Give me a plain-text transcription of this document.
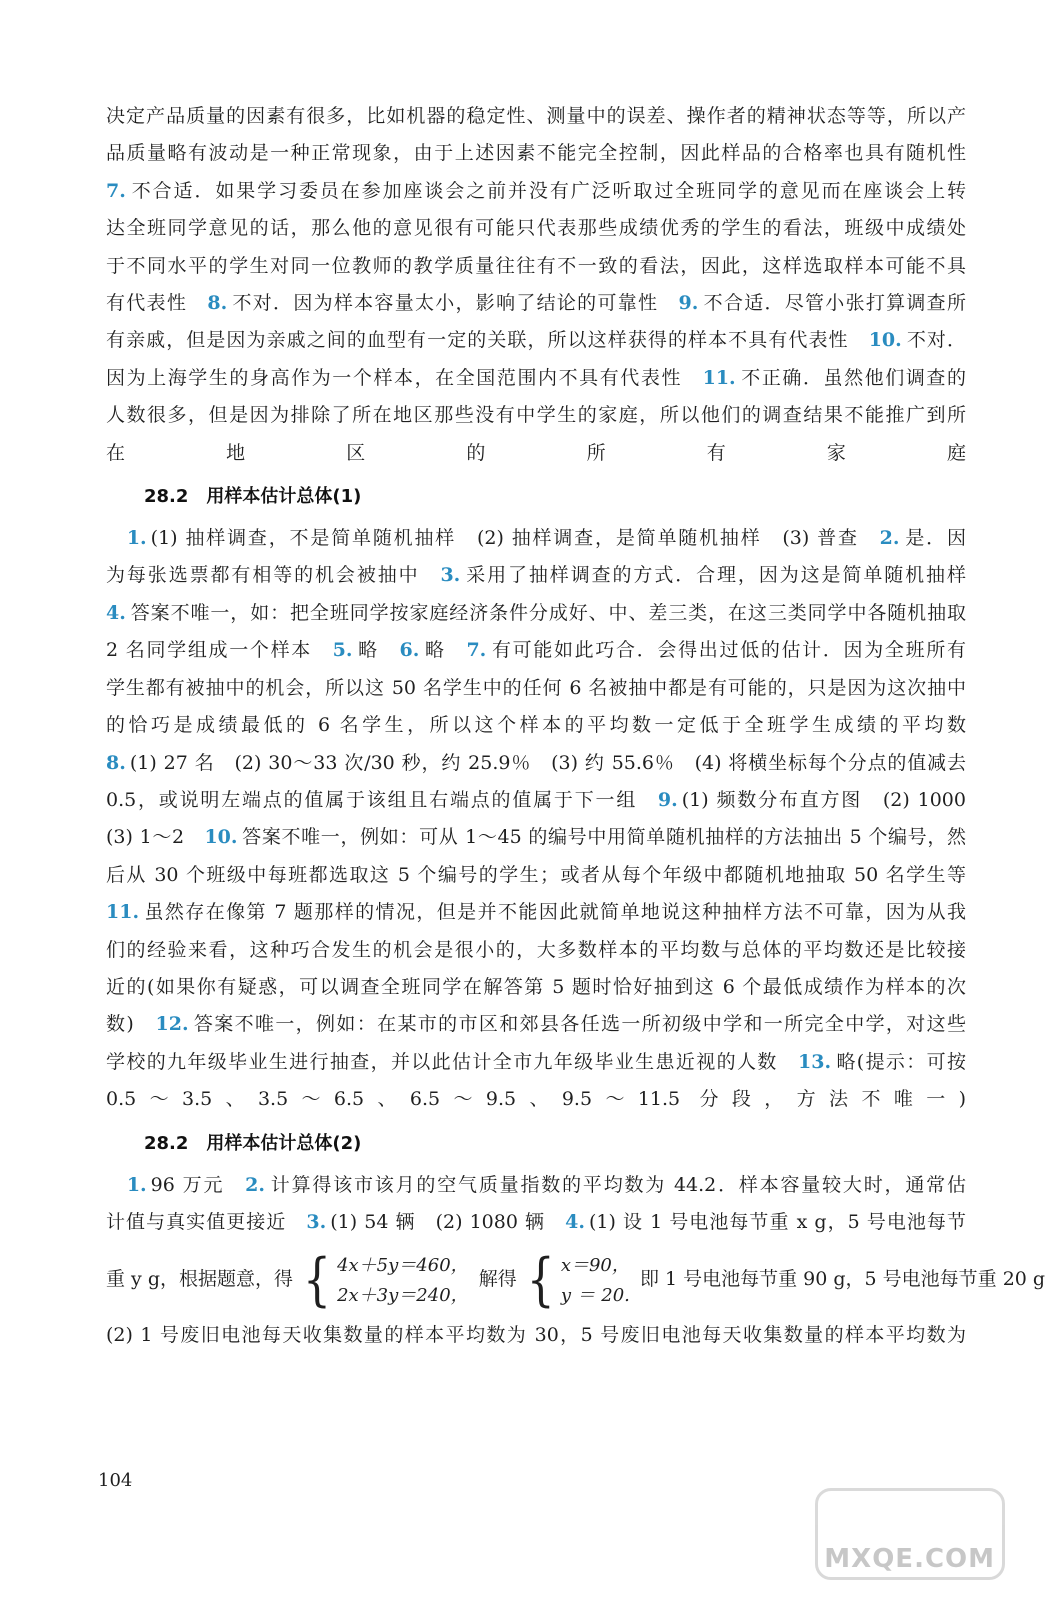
决定产品质量的因素有很多，比如机器的稳定性、测量中的误差、操作者的精神状态等等，所以产
品质量略有波动是一种正常现象，由于上述因素不能完全控制，因此样品的合格率也具有随机性
7. 不合适．如果学习委员在参加座谈会之前并没有广泛听取过全班同学的意见而在座谈会上转
达全班同学意见的话，那么他的意见很有可能只代表那些成绩优秀的学生的看法，班级中成绩处
于不同水平的学生对同一位教师的教学质量往往有不一致的看法，因此，这样选取样本可能不具
有代表性　 8. 不对．因为样本容量太小，影响了结论的可靠性　 9. 不合适．尽管小张打算调查所
有亲戚，但是因为亲戚之间的血型有一定的关联，所以这样获得的样本不具有代表性　 10. 不对．
因为上海学生的身高作为一个样本，在全国范围内不具有代表性　 11. 不正确．虽然他们调查的
人数很多，但是因为排除了所在地区那些没有中学生的家庭，所以他们的调查结果不能推广到所
在地区的所有家庭

28.2　用样本估计总体(1)

　1. (1) 抽样调查，不是简单随机抽样　(2) 抽样调查，是简单随机抽样　(3) 普查　 2. 是．因
为每张选票都有相等的机会被抽中　 3. 采用了抽样调查的方式．合理，因为这是简单随机抽样
4. 答案不唯一，如：把全班同学按家庭经济条件分成好、中、差三类，在这三类同学中各随机抽取
2 名同学组成一个样本　 5. 略　 6. 略　 7. 有可能如此巧合．会得出过低的估计．因为全班所有
学生都有被抽中的机会，所以这 50 名学生中的任何 6 名被抽中都是有可能的，只是因为这次抽中
的恰巧是成绩最低的 6 名学生，所以这个样本的平均数一定低于全班学生成绩的平均数
8. (1) 27 名　(2) 30～33 次/30 秒，约 25.9％　(3) 约 55.6％　(4) 将横坐标每个分点的值减去
0.5，或说明左端点的值属于该组且右端点的值属于下一组　 9. (1) 频数分布直方图　(2) 1000
(3) 1～2　 10. 答案不唯一，例如：可从 1～45 的编号中用简单随机抽样的方法抽出 5 个编号，然
后从 30 个班级中每班都选取这 5 个编号的学生；或者从每个年级中都随机地抽取 50 名学生等
11. 虽然存在像第 7 题那样的情况，但是并不能因此就简单地说这种抽样方法不可靠，因为从我
们的经验来看，这种巧合发生的机会是很小的，大多数样本的平均数与总体的平均数还是比较接
近的(如果你有疑惑，可以调查全班同学在解答第 5 题时恰好抽到这 6 个最低成绩作为样本的次
数)　 12. 答案不唯一，例如：在某市的市区和郊县各任选一所初级中学和一所完全中学，对这些
学校的九年级毕业生进行抽查，并以此估计全市九年级毕业生患近视的人数　 13. 略(提示：可按
0.5～3.5、3.5～6.5、6.5～9.5、9.5～11.5 分段，方法不唯一)

28.2　用样本估计总体(2)

　1. 96 万元　 2. 计算得该市该月的空气质量指数的平均数为 44.2．样本容量较大时，通常估
计值与真实值更接近　 3. (1) 54 辆　(2) 1080 辆　 4. (1) 设 1 号电池每节重 x g，5 号电池每节
重 y g，根据题意，得 { 4x＋5y＝460，
2x＋3y＝240，
解得 { x＝90，
y＝20.
即 1 号电池每节重 90 g，5 号电池每节重 20 g
(2) 1 号废旧电池每天收集数量的样本平均数为 30，5 号废旧电池每天收集数量的样本平均数为

104
MXQE.COM
